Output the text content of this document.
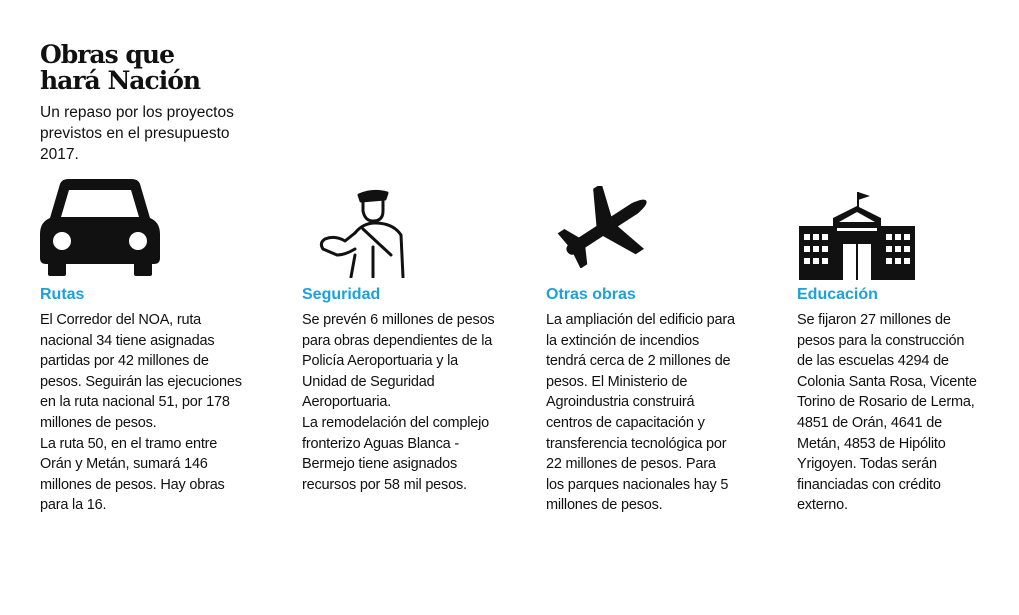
Obras que
hará Nación
Un repaso por los proyectos previstos en el presupuesto 2017.
Rutas

El Corredor del NOA, ruta nacional 34 tiene asignadas partidas por 42 millones de pesos. Seguirán las ejecuciones en la ruta nacional 51, por 178 millones de pesos.

La ruta 50, en el tramo entre Orán y Metán, sumará 146 millones de pesos. Hay obras para la 16.

Seguridad

Se prevén 6 millones de pesos para obras dependientes de la Policía Aeroportuaria y la Unidad de Seguridad Aeroportuaria.

La remodelación del complejo fronterizo Aguas Blanca - Bermejo tiene asignados recursos por 58 mil pesos.

Otras obras

La ampliación del edificio para la extinción de incendios tendrá cerca de 2 millones de pesos. El Ministerio de Agroindustria construirá centros de capacitación y transferencia tecnológica por 22 millones de pesos. Para los parques nacionales hay 5 millones de pesos.

Educación

Se fijaron 27 millones de pesos para la construcción de las escuelas 4294 de Colonia Santa Rosa, Vicente Torino de Rosario de Lerma, 4851 de Orán, 4641 de Metán, 4853 de Hipólito Yrigoyen. Todas serán financiadas con crédito externo.
